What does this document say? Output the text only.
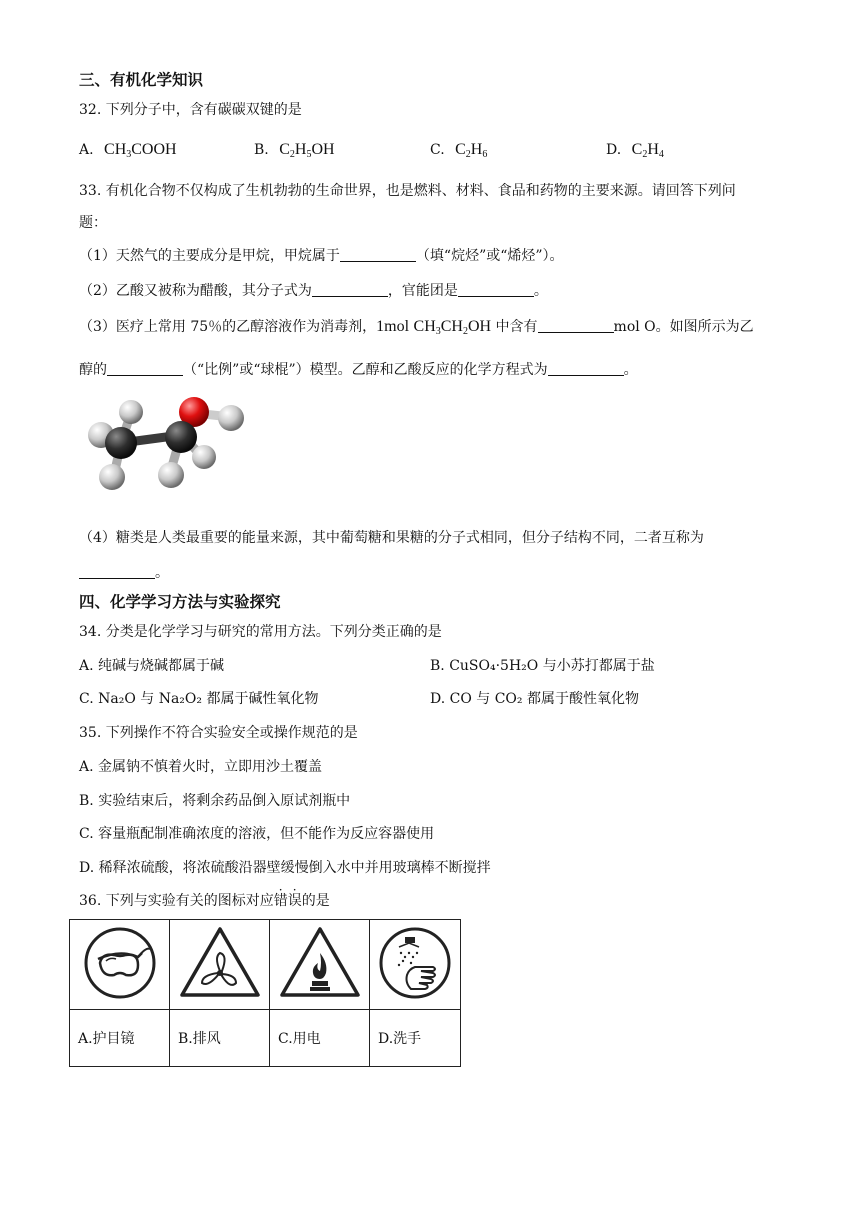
三、有机化学知识
32. 下列分子中，含有碳碳双键的是
A. $CH_3COOH$	B. $C_2H_5OH$	C. $C_2H_6$	D. $C_2H_4$
33. 有机化合物不仅构成了生机勃勃的生命世界，也是燃料、材料、食品和药物的主要来源。请回答下列问
题：
（1）天然气的主要成分是甲烷，甲烷属于	（填“烷烃”或“烯烃”）。
（2）乙酸又被称为醋酸，其分子式为	，官能团是	。
（3）医疗上常用 75％的乙醇溶液作为消毒剂，1mol $CH_3CH_2OH$ 中含有	mol O。如图所示为乙
醇的	（“比例”或“球棍”）模型。乙醇和乙酸反应的化学方程式为	。
（4）糖类是人类最重要的能量来源，其中葡萄糖和果糖的分子式相同，但分子结构不同，二者互称为
。
四、化学学习方法与实验探究
34. 分类是化学学习与研究的常用方法。下列分类正确的是
A. 纯碱与烧碱都属于碱	B. CuSO₄·5H₂O 与小苏打都属于盐
C. Na₂O 与 Na₂O₂ 都属于碱性氧化物	D. CO 与 CO₂ 都属于酸性氧化物
35. 下列操作不符合实验安全或操作规范的是
A. 金属钠不慎着火时，立即用沙土覆盖
B. 实验结束后，将剩余药品倒入原试剂瓶中
C. 容量瓶配制准确浓度的溶液，但不能作为反应容器使用
D. 稀释浓硫酸，将浓硫酸沿器壁缓慢倒入水中并用玻璃棒不断搅拌
36. 下列与实验有关的图标对应错误的是

A.护目镜	B.排风	C.用电	D.洗手
